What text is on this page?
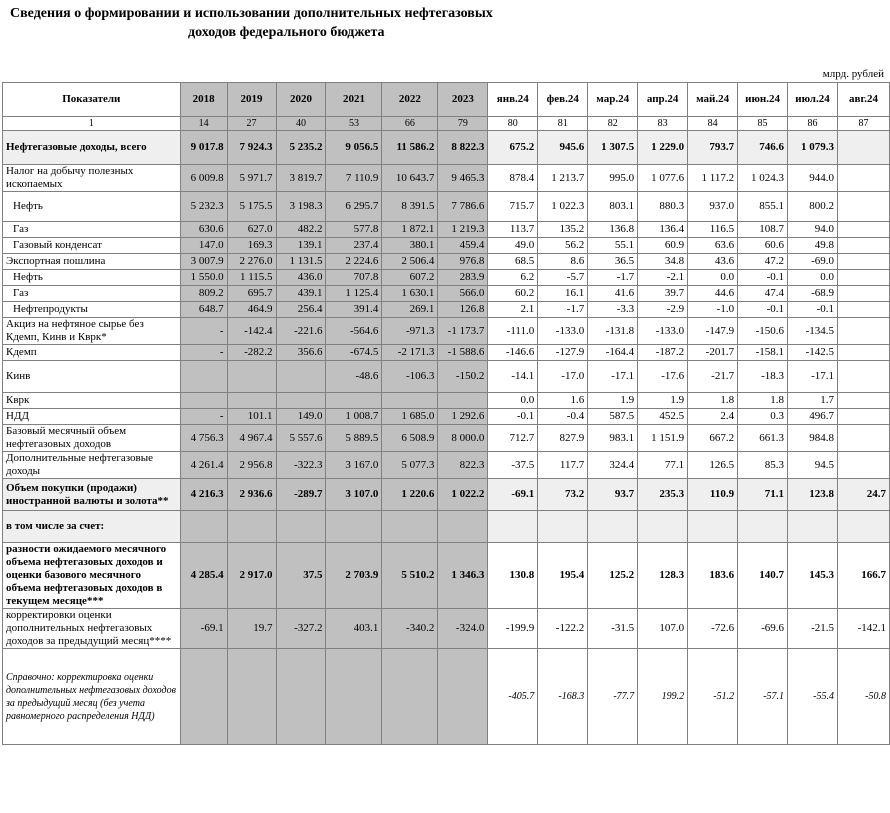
Сведения о формировании и использовании дополнительных нефтегазовых
доходов федерального бюджета
млрд. рублей
Показатели	2018	2019	2020	2021	2022	2023	янв.24	фев.24	мар.24	апр.24	май.24	июн.24	июл.24	авг.24

1	14	27	40	53	66	79	80	81	82	83	84	85	86	87
Нефтегазовые доходы, всего	9 017.8	7 924.3	5 235.2	9 056.5	11 586.2	8 822.3	675.2	945.6	1 307.5	1 229.0	793.7	746.6	1 079.3	
Налог на добычу полезных ископаемых	6 009.8	5 971.7	3 819.7	7 110.9	10 643.7	9 465.3	878.4	1 213.7	995.0	1 077.6	1 117.2	1 024.3	944.0	
Нефть	5 232.3	5 175.5	3 198.3	6 295.7	8 391.5	7 786.6	715.7	1 022.3	803.1	880.3	937.0	855.1	800.2	
Газ	630.6	627.0	482.2	577.8	1 872.1	1 219.3	113.7	135.2	136.8	136.4	116.5	108.7	94.0	
Газовый конденсат	147.0	169.3	139.1	237.4	380.1	459.4	49.0	56.2	55.1	60.9	63.6	60.6	49.8	
Экспортная пошлина	3 007.9	2 276.0	1 131.5	2 224.6	2 506.4	976.8	68.5	8.6	36.5	34.8	43.6	47.2	-69.0	
Нефть	1 550.0	1 115.5	436.0	707.8	607.2	283.9	6.2	-5.7	-1.7	-2.1	0.0	-0.1	0.0	
Газ	809.2	695.7	439.1	1 125.4	1 630.1	566.0	60.2	16.1	41.6	39.7	44.6	47.4	-68.9	
Нефтепродукты	648.7	464.9	256.4	391.4	269.1	126.8	2.1	-1.7	-3.3	-2.9	-1.0	-0.1	-0.1	
Акциз на нефтяное сырье без Кдемп, Кинв и Кврк*	-	-142.4	-221.6	-564.6	-971.3	-1 173.7	-111.0	-133.0	-131.8	-133.0	-147.9	-150.6	-134.5	
Кдемп	-	-282.2	356.6	-674.5	-2 171.3	-1 588.6	-146.6	-127.9	-164.4	-187.2	-201.7	-158.1	-142.5	
Кинв				-48.6	-106.3	-150.2	-14.1	-17.0	-17.1	-17.6	-21.7	-18.3	-17.1	
Кврк							0.0	1.6	1.9	1.9	1.8	1.8	1.7	
НДД	-	101.1	149.0	1 008.7	1 685.0	1 292.6	-0.1	-0.4	587.5	452.5	2.4	0.3	496.7	
Базовый месячный объем нефтегазовых доходов	4 756.3	4 967.4	5 557.6	5 889.5	6 508.9	8 000.0	712.7	827.9	983.1	1 151.9	667.2	661.3	984.8	
Дополнительные нефтегазовые доходы	4 261.4	2 956.8	-322.3	3 167.0	5 077.3	822.3	-37.5	117.7	324.4	77.1	126.5	85.3	94.5	
Объем покупки (продажи) иностранной валюты и золота**	4 216.3	2 936.6	-289.7	3 107.0	1 220.6	1 022.2	-69.1	73.2	93.7	235.3	110.9	71.1	123.8	24.7
в том числе за счет:														
разности ожидаемого месячного объема нефтегазовых доходов и оценки базового месячного объема нефтегазовых доходов в текущем месяце***	4 285.4	2 917.0	37.5	2 703.9	5 510.2	1 346.3	130.8	195.4	125.2	128.3	183.6	140.7	145.3	166.7
корректировки оценки дополнительных нефтегазовых доходов за предыдущий месяц****	-69.1	19.7	-327.2	403.1	-340.2	-324.0	-199.9	-122.2	-31.5	107.0	-72.6	-69.6	-21.5	-142.1
Справочно: корректировка оценки дополнительных нефтегазовых доходов за предыдущий месяц (без учета равномерного распределения НДД)							-405.7	-168.3	-77.7	199.2	-51.2	-57.1	-55.4	-50.8
